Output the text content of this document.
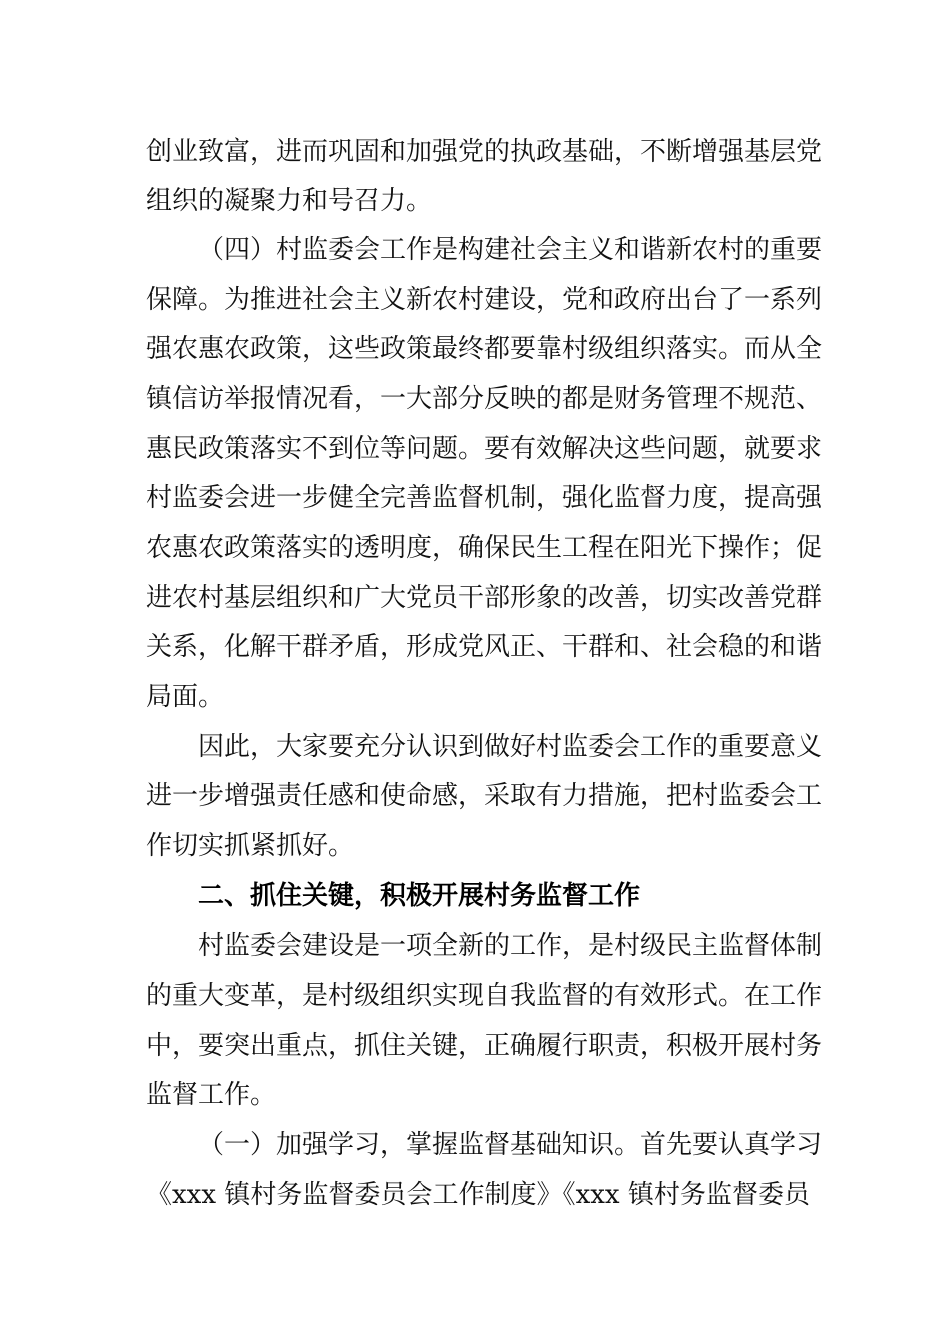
创业致富，进而巩固和加强党的执政基础，不断增强基层党
组织的凝聚力和号召力。
（四）村监委会工作是构建社会主义和谐新农村的重要
保障。为推进社会主义新农村建设，党和政府出台了一系列
强农惠农政策，这些政策最终都要靠村级组织落实。而从全
镇信访举报情况看，一大部分反映的都是财务管理不规范、
惠民政策落实不到位等问题。要有效解决这些问题，就要求
村监委会进一步健全完善监督机制，强化监督力度，提高强
农惠农政策落实的透明度，确保民生工程在阳光下操作；促
进农村基层组织和广大党员干部形象的改善，切实改善党群
关系，化解干群矛盾，形成党风正、干群和、社会稳的和谐
局面。
因此，大家要充分认识到做好村监委会工作的重要意义
进一步增强责任感和使命感，采取有力措施，把村监委会工
作切实抓紧抓好。
二、抓住关键，积极开展村务监督工作
村监委会建设是一项全新的工作，是村级民主监督体制
的重大变革，是村级组织实现自我监督的有效形式。在工作
中，要突出重点，抓住关键，正确履行职责，积极开展村务
监督工作。
（一）加强学习，掌握监督基础知识。首先要认真学习
《xxx 镇村务监督委员会工作制度》《xxx 镇村务监督委员
